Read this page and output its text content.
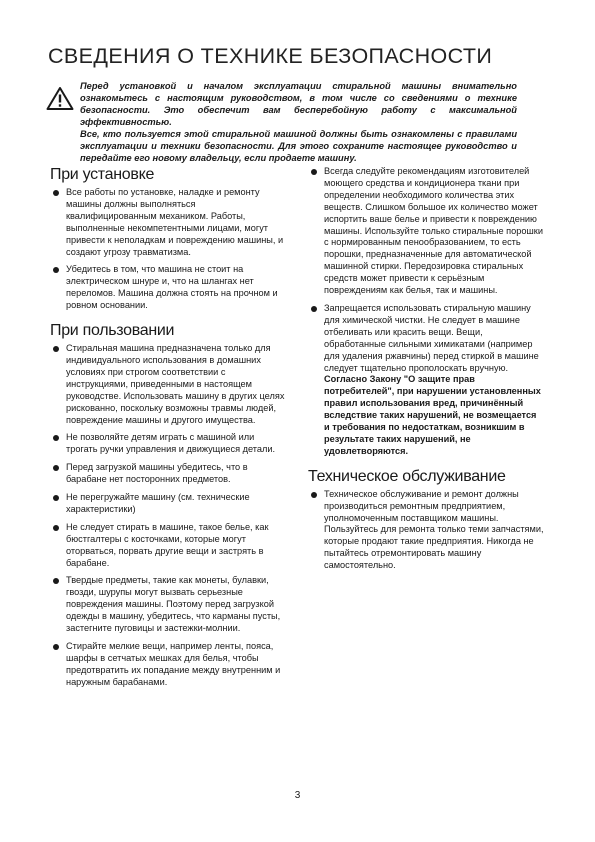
СВЕДЕНИЯ О ТЕХНИКЕ БЕЗОПАСНОСТИ

Перед установкой и началом эксплуатации стиральной машины внимательно ознакомьтесь с настоящим руководством, в том числе со сведениями о технике безопасности. Это обеспечит вам бесперебойную работу с максимальной эффективностью.

Все, кто пользуется этой стиральной машиной должны быть ознакомлены с правилами эксплуатации и техники безопасности. Для этого сохраните настоящее руководство и передайте его новому владельцу, если продаете машину.

При установке
Все работы по установке, наладке и ремонту машины должны выполняться квалифицированным механиком. Работы, выполненные некомпетентными лицами, могут привести к неполадкам и повреждению машины, и создают угрозу травматизма.
Убедитесь в том, что машина не стоит на электрическом шнуре и, что на шлангах нет переломов. Машина должна стоять на прочном и ровном основании.
При пользовании
Стиральная машина предназначена только для индивидуального использования в домашних условиях при строгом соответствии с инструкциями, приведенными в настоящем руководстве. Использовать машину в других целях рискованно, поскольку возможны травмы людей, повреждение машины и другого имущества.
Не позволяйте детям играть с машиной или трогать ручки управления и движущиеся детали.
Перед загрузкой машины убедитесь, что в барабане нет посторонних предметов.
Не перегружайте машину (см. технические характеристики)
Не следует стирать в машине, такое белье, как бюстгалтеры с косточками, которые могут оторваться, порвать другие вещи и застрять в барабане.
Твердые предметы, такие как монеты, булавки, гвозди, шурупы могут вызвать серьезные повреждения машины. Поэтому перед загрузкой одежды в машину, убедитесь, что карманы пусты, застегните пуговицы и застежки-молнии.
Стирайте мелкие вещи, например ленты, пояса, шарфы в сетчатых мешках для белья, чтобы предотвратить их попадание между внутренним и наружным барабанами.
Всегда следуйте рекомендациям изготовителей моющего средства и кондиционера ткани при определении необходимого количества этих веществ. Слишком большое их количество может испортить ваше белье и привести к повреждению машины. Используйте только стиральные порошки с нормированным пенообразованием, то есть порошки, предназначенные для автоматической машинной стирки. Передозировка стиральных средств может привести к серьёзным повреждениям как белья, так и машины.
Запрещается использовать стиральную машину для химической чистки. Не следует в машине отбеливать или красить вещи. Вещи, обработанные сильными химикатами (например для удаления ржавчины) перед стиркой в машине следует тщательно прополоскать вручную.
Согласно Закону "О защите прав потребителей", при нарушении установленных правил использования вред, причинённый вследствие таких нарушений, не возмещается и требования по недостаткам, возникшим в результате таких нарушений, не удовлетворяются.
Техническое обслуживание
Техническое обслуживание и ремонт должны производиться ремонтным предприятием, уполномоченным поставщиком машины.
Пользуйтесь для ремонта только теми запчастями, которые продают такие предприятия. Никогда не пытайтесь отремонтировать машину самостоятельно.
3
